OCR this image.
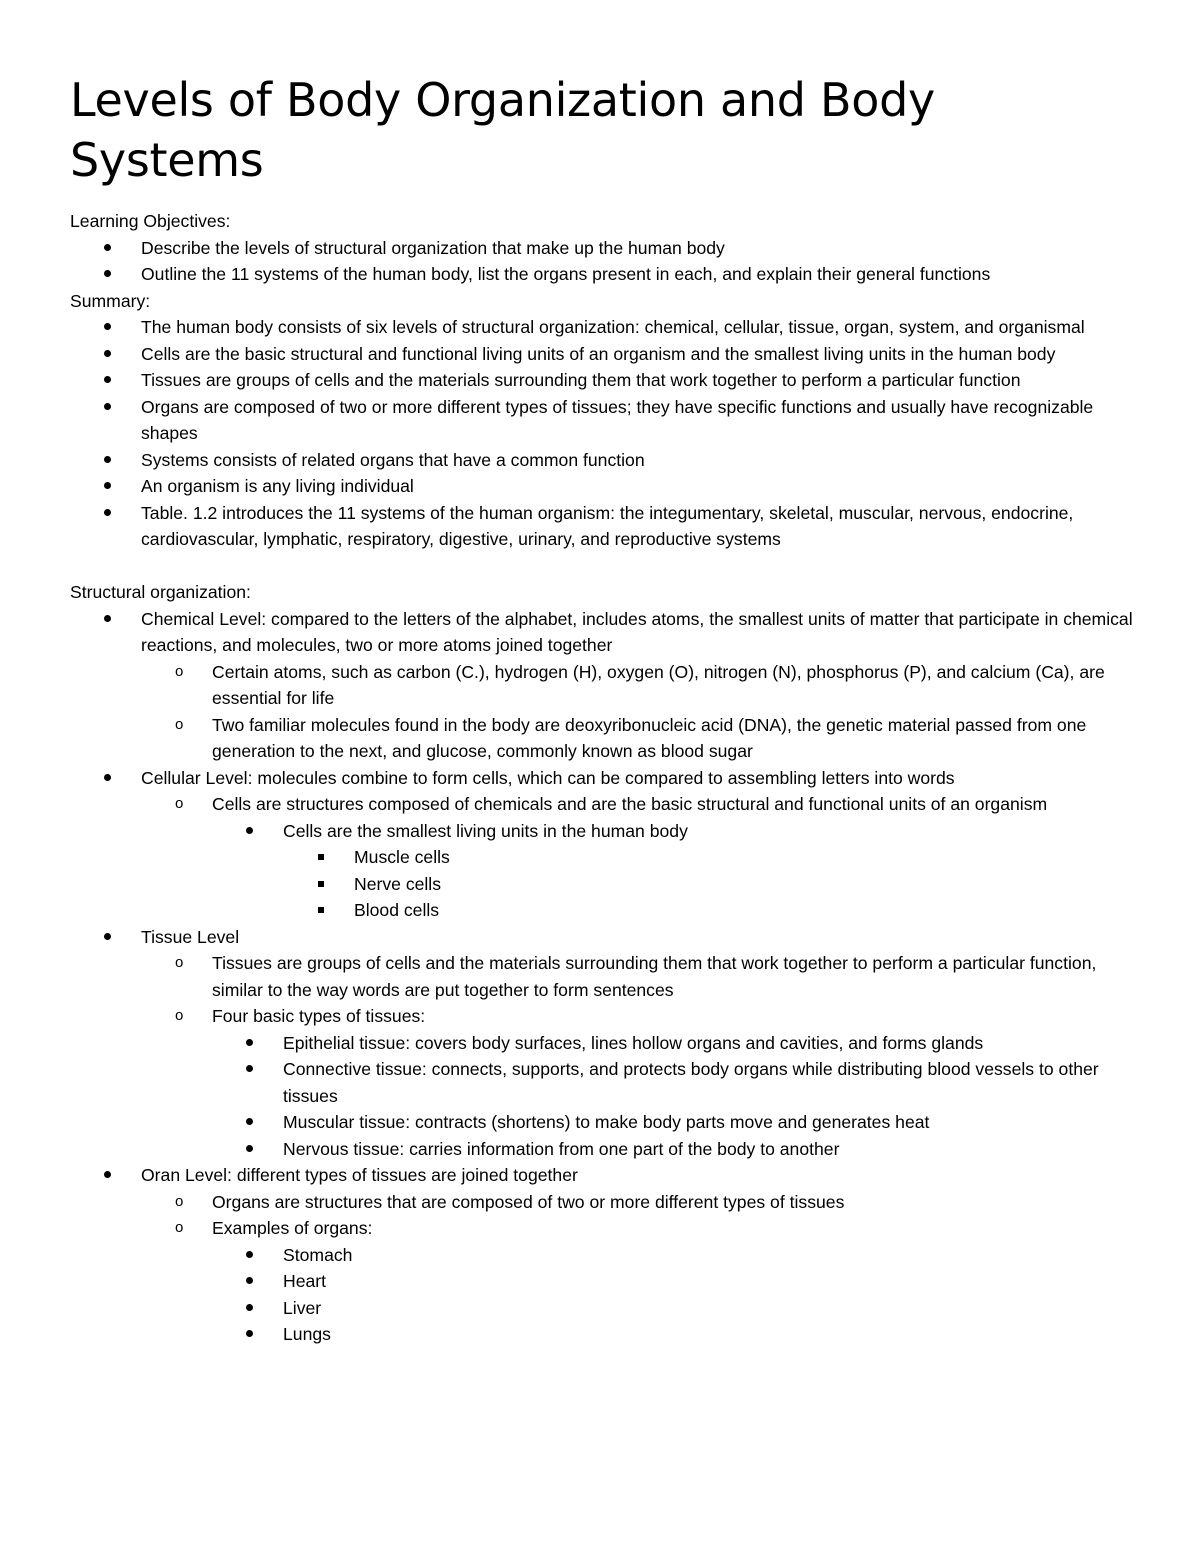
Levels of Body Organization and Body Systems

Learning Objectives:

Describe the levels of structural organization that make up the human body
Outline the 11 systems of the human body, list the organs present in each, and explain their general functions

Summary:

The human body consists of six levels of structural organization: chemical, cellular, tissue, organ, system, and organismal
Cells are the basic structural and functional living units of an organism and the smallest living units in the human body
Tissues are groups of cells and the materials surrounding them that work together to perform a particular function
Organs are composed of two or more different types of tissues; they have specific functions and usually have recognizable shapes
Systems consists of related organs that have a common function
An organism is any living individual
Table. 1.2 introduces the 11 systems of the human organism: the integumentary, skeletal, muscular, nervous, endocrine, cardiovascular, lymphatic, respiratory, digestive, urinary, and reproductive systems

Structural organization:

Chemical Level: compared to the letters of the alphabet, includes atoms, the smallest units of matter that participate in chemical reactions, and molecules, two or more atoms joined together
o Certain atoms, such as carbon (C.), hydrogen (H), oxygen (O), nitrogen (N), phosphorus (P), and calcium (Ca), are essential for life
o Two familiar molecules found in the body are deoxyribonucleic acid (DNA), the genetic material passed from one generation to the next, and glucose, commonly known as blood sugar
Cellular Level: molecules combine to form cells, which can be compared to assembling letters into words
o Cells are structures composed of chemicals and are the basic structural and functional units of an organism
Cells are the smallest living units in the human body
Muscle cells
Nerve cells
Blood cells
Tissue Level
o Tissues are groups of cells and the materials surrounding them that work together to perform a particular function, similar to the way words are put together to form sentences
o Four basic types of tissues:
Epithelial tissue: covers body surfaces, lines hollow organs and cavities, and forms glands
Connective tissue: connects, supports, and protects body organs while distributing blood vessels to other tissues
Muscular tissue: contracts (shortens) to make body parts move and generates heat
Nervous tissue: carries information from one part of the body to another
Oran Level: different types of tissues are joined together
o Organs are structures that are composed of two or more different types of tissues
o Examples of organs:
Stomach
Heart
Liver
Lungs
